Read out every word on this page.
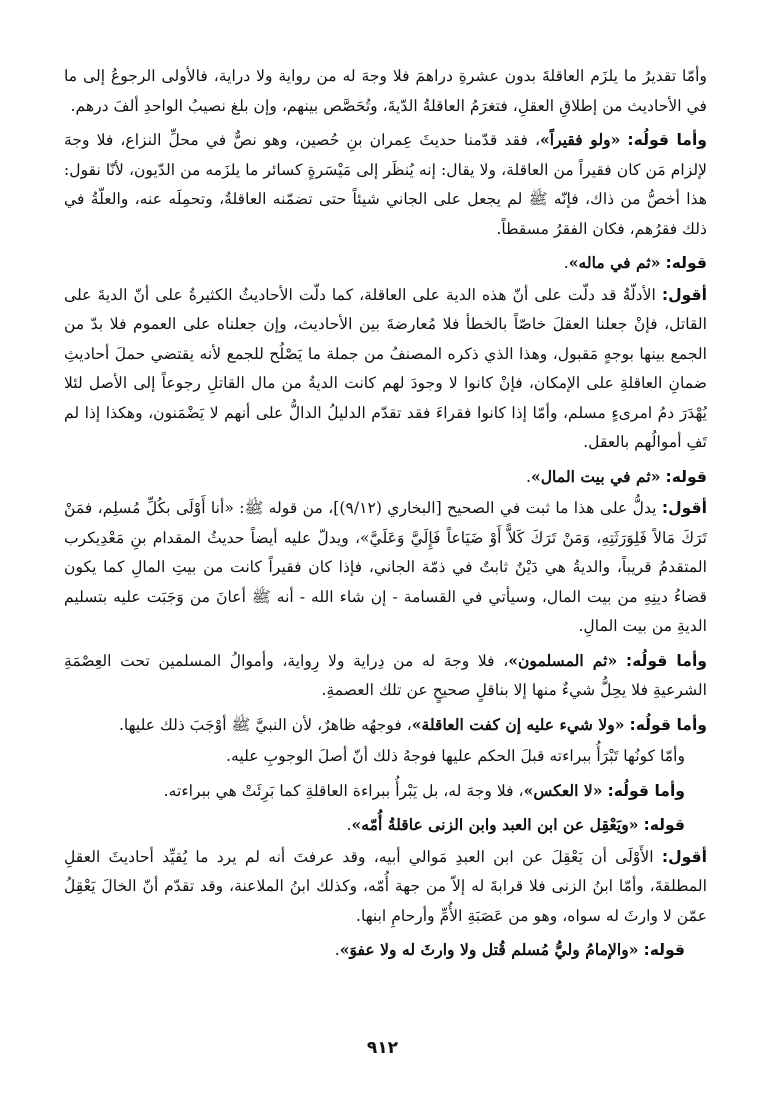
وأمّا تقديرُ ما يلزَم العاقلةَ بدون عشرةِ دراهمَ فلا وجهَ له من رواية ولا دراية، فالأولى الرجوعُ إلى ما في الأحاديث من إطلاقِ العقلِ، فتغرَمُ العاقلةُ الدّيةَ، وتُحَصَّص بينهم، وإن بلغ نصيبُ الواحدِ ألفَ درهم.

وأما قولُه: «ولو فقيراً»، فقد قدّمنا حديثَ عِمران بنِ حُصين، وهو نصٌّ في محلِّ النزاع، فلا وجهَ لإلزام مَن كان فقيراً من العاقلة، ولا يقال: إنه يُنظَر إلى مَيْسَرةٍ كسائر ما يلزَمه من الدّيون، لأنّا نقول: هذا أخصُّ من ذاك، فإنّه ﷺ لم يجعل على الجاني شيئاً حتى تضمّنه العاقلةُ، وتحمِلَه عنه، والعلّةُ في ذلك فقرُهم، فكان الفقرُ مسقطاً.

قوله: «ثم في ماله».

أقول: الأدلّةُ قد دلّت على أنّ هذه الدية على العاقلة، كما دلّت الأحاديثُ الكثيرةُ على أنّ الديةَ على القاتل، فإنْ جعلنا العقلَ خاصّاً بالخطأ فلا مُعارضةَ بين الأحاديث، وإن جعلناه على العموم فلا بدّ من الجمع بينها بوجهٍ مَقبول، وهذا الذي ذكره المصنفُ من جملة ما يَصْلُح للجمع لأنه يقتضي حملَ أحاديثِ ضمانِ العاقلةِ على الإمكان، فإنْ كانوا لا وجودَ لهم كانت الديةُ من مال القاتلِ رجوعاً إلى الأصل لئلا يُهْدَرَ دمُ امرىءٍ مسلم، وأمّا إذا كانوا فقراءَ فقد تقدّم الدليلُ الدالُّ على أنهم لا يَضْمَنون، وهكذا إذا لم تَفِ أموالُهم بالعقل.

قوله: «ثم في بيت المال».

أقول: يدلُّ على هذا ما ثبت في الصحيح [البخاري (٩/١٢)]، من قوله ﷺ: «أنا أَوْلَى بكُلِّ مُسلِم، فمَنْ تَرَكَ مَالاً فَلِوَرَثَتِهِ، وَمَنْ تَرَكَ كَلاًّ أَوْ ضَيَاعاً فَإِلَيَّ وَعَلَيَّ»، ويدلّ عليه أيضاً حديثُ المقدام بنِ مَعْدِيكرب المتقدمُ قريباً، والديةُ هي دَيْنٌ ثابتٌ في ذمّة الجاني، فإذا كان فقيراً كانت من بيتِ المالِ كما يكون قضاءُ دينِهِ من بيت المال، وسيأتي في القسامة - إن شاء الله - أنه ﷺ أعانَ من وَجَبَت عليه بتسليم الديةِ من بيت المالِ.

وأما قولُه: «ثم المسلمون»، فلا وجهَ له من دِراية ولا رِواية، وأموالُ المسلمين تحت العِصْمَةِ الشرعيةِ فلا يحِلُّ شيءٌ منها إلا بناقلٍ صحيحٍ عن تلك العصمةِ.

وأما قولُه: «ولا شيء عليه إن كفت العاقلة»، فوجهُه ظاهرٌ، لأن النبيَّ ﷺ أوْجَبَ ذلك عليها.

وأمّا كونُها تَبْرَأُ ببراءته قبلَ الحكم عليها فوجهُ ذلك أنّ أصلَ الوجوبِ عليه.

وأما قولُه: «لا العكس»، فلا وجهَ له، بل يَبْرأُ ببراءة العاقلةِ كما بَرِئَتْ هي ببراءته.

قوله: «ويَعْقِل عن ابن العبد وابن الزنى عاقلةُ أُمّه».

أقول: الأَوْلَى أن يَعْقِلَ عن ابن العبدِ مَوالي أبيه، وقد عرفتَ أنه لم يرد ما يُقيِّد أحاديثَ العقلِ المطلقةَ، وأمّا ابنُ الزنى فلا قرابةَ له إلاّ من جهة أُمّه، وكذلك ابنُ الملاعنة، وقد تقدّم أنّ الخالَ يَعْقِلُ عمّن لا وارثَ له سواه، وهو من عَصَبَةِ الأُمِّ وأرحامِ ابنها.

قوله: «والإمامُ وليُّ مُسلم قُتل ولا وارثَ له ولا عفوَ».

٩١٢
